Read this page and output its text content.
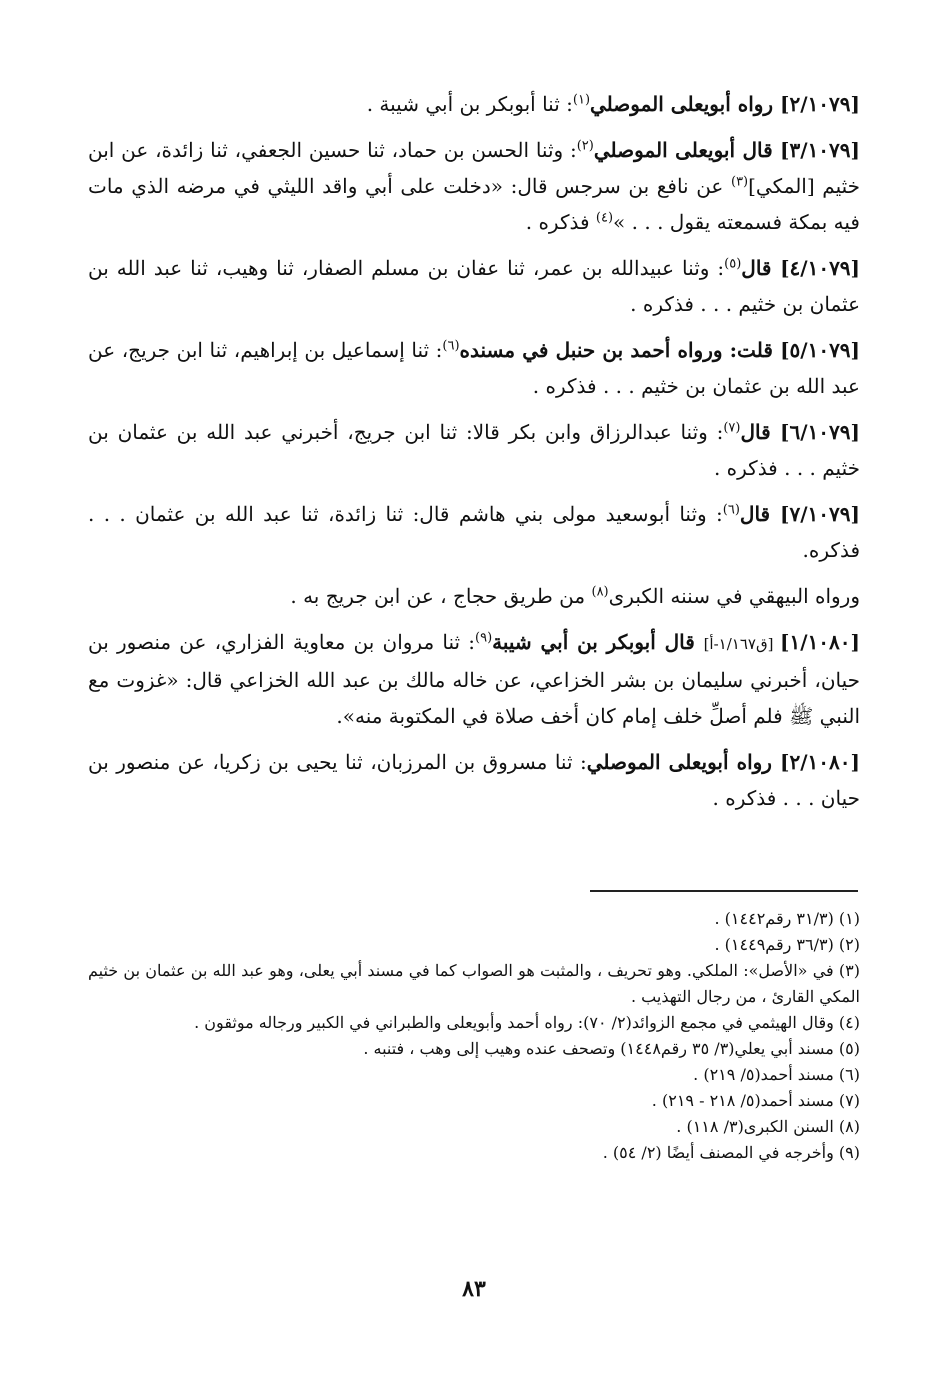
[٢/١٠٧٩] رواه أبويعلى الموصلي$^{(١)}$: ثنا أبوبكر بن أبي شيبة .

[٣/١٠٧٩] قال أبويعلى الموصلي$^{(٢)}$: وثنا الحسن بن حماد، ثنا حسين الجعفي، ثنا زائدة، عن ابن خثيم [المكي]$^{(٣)}$ عن نافع بن سرجس قال: «دخلت على أبي واقد الليثي في مرضه الذي مات فيه بمكة فسمعته يقول . . . »$^{(٤)}$ فذكره .

[٤/١٠٧٩] قال$^{(٥)}$: وثنا عبيدالله بن عمر، ثنا عفان بن مسلم الصفار، ثنا وهيب، ثنا عبد الله بن عثمان بن خثيم . . . فذكره .

[٥/١٠٧٩] قلت: ورواه أحمد بن حنبل في مسنده$^{(٦)}$: ثنا إسماعيل بن إبراهيم، ثنا ابن جريج، عن عبد الله بن عثمان بن خثيم . . . فذكره .

[٦/١٠٧٩] قال$^{(٧)}$: وثنا عبدالرزاق وابن بكر قالا: ثنا ابن جريج، أخبرني عبد الله بن عثمان بن خثيم . . . فذكره .

[٧/١٠٧٩] قال$^{(٦)}$: وثنا أبوسعيد مولى بني هاشم قال: ثنا زائدة، ثنا عبد الله بن عثمان . . . فذكره.

ورواه البيهقي في سننه الكبرى$^{(٨)}$ من طريق حجاج ، عن ابن جريج به .

[١/١٠٨٠] [ق١/١٦٧-أ] قال أبوبكر بن أبي شيبة$^{(٩)}$: ثنا مروان بن معاوية الفزاري، عن منصور بن حيان، أخبرني سليمان بن بشر الخزاعي، عن خاله مالك بن عبد الله الخزاعي قال: «غزوت مع النبي ﷺ فلم أصلِّ خلف إمام كان أخف صلاة في المكتوبة منه».

[٢/١٠٨٠] رواه أبويعلى الموصلي: ثنا مسروق بن المرزبان، ثنا يحيى بن زكريا، عن منصور بن حيان . . . فذكره .

(١) (٣١/٣ رقم١٤٤٢) .

(٢) (٣٦/٣ رقم١٤٤٩) .

(٣) في «الأصل»: الملكي. وهو تحريف ، والمثبت هو الصواب كما في مسند أبي يعلى، وهو عبد الله بن عثمان بن خثيم المكي القارئ ، من رجال التهذيب .

(٤) وقال الهيثمي في مجمع الزوائد(٢/ ٧٠): رواه أحمد وأبويعلى والطبراني في الكبير ورجاله موثقون .

(٥) مسند أبي يعلي(٣/ ٣٥ رقم١٤٤٨) وتصحف عنده وهيب إلى وهب ، فتنبه .

(٦) مسند أحمد(٥/ ٢١٩) .

(٧) مسند أحمد(٥/ ٢١٨ - ٢١٩) .

(٨) السنن الكبرى(٣/ ١١٨) .

(٩) وأخرجه في المصنف أيضًا (٢/ ٥٤) .

٨٣
